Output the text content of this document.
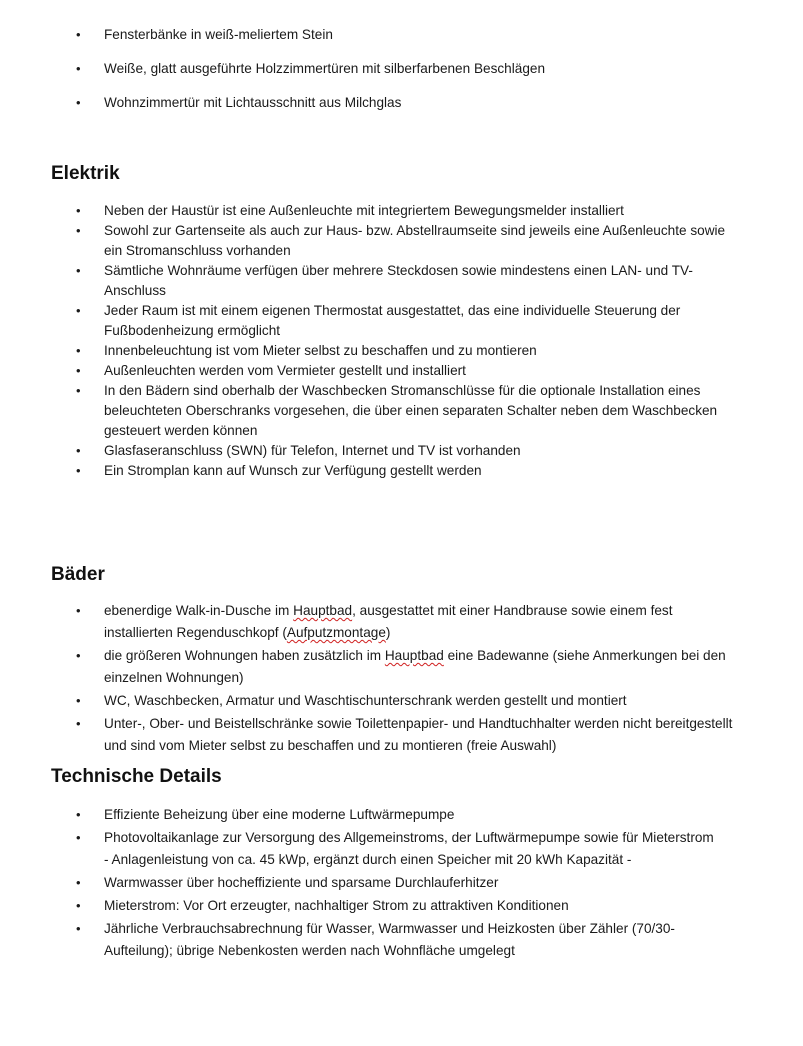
• Fensterbänke in weiß-meliertem Stein
• Weiße, glatt ausgeführte Holzzimmertüren mit silberfarbenen Beschlägen
• Wohnzimmertür mit Lichtausschnitt aus Milchglas
Elektrik
• Neben der Haustür ist eine Außenleuchte mit integriertem Bewegungsmelder installiert
• Sowohl zur Gartenseite als auch zur Haus- bzw. Abstellraumseite sind jeweils eine Außenleuchte sowie ein Stromanschluss vorhanden
• Sämtliche Wohnräume verfügen über mehrere Steckdosen sowie mindestens einen LAN- und TV-Anschluss
• Jeder Raum ist mit einem eigenen Thermostat ausgestattet, das eine individuelle Steuerung der Fußbodenheizung ermöglicht
• Innenbeleuchtung ist vom Mieter selbst zu beschaffen und zu montieren
• Außenleuchten werden vom Vermieter gestellt und installiert
• In den Bädern sind oberhalb der Waschbecken Stromanschlüsse für die optionale Installation eines beleuchteten Oberschranks vorgesehen, die über einen separaten Schalter neben dem Waschbecken gesteuert werden können
• Glasfaseranschluss (SWN) für Telefon, Internet und TV ist vorhanden
• Ein Stromplan kann auf Wunsch zur Verfügung gestellt werden
Bäder
• ebenerdige Walk-in-Dusche im Hauptbad, ausgestattet mit einer Handbrause sowie einem fest installierten Regenduschkopf (Aufputzmontage)
• die größeren Wohnungen haben zusätzlich im Hauptbad eine Badewanne (siehe Anmerkungen bei den einzelnen Wohnungen)
• WC, Waschbecken, Armatur und Waschtischunterschrank werden gestellt und montiert
• Unter-, Ober- und Beistellschränke sowie Toilettenpapier- und Handtuchhalter werden nicht bereitgestellt und sind vom Mieter selbst zu beschaffen und zu montieren (freie Auswahl)
Technische Details
• Effiziente Beheizung über eine moderne Luftwärmepumpe
• Photovoltaikanlage zur Versorgung des Allgemeinstroms, der Luftwärmepumpe sowie für Mieterstrom
- Anlagenleistung von ca. 45 kWp, ergänzt durch einen Speicher mit 20 kWh Kapazität -
• Warmwasser über hocheffiziente und sparsame Durchlauferhitzer
• Mieterstrom: Vor Ort erzeugter, nachhaltiger Strom zu attraktiven Konditionen
• Jährliche Verbrauchsabrechnung für Wasser, Warmwasser und Heizkosten über Zähler (70/30-Aufteilung); übrige Nebenkosten werden nach Wohnfläche umgelegt
